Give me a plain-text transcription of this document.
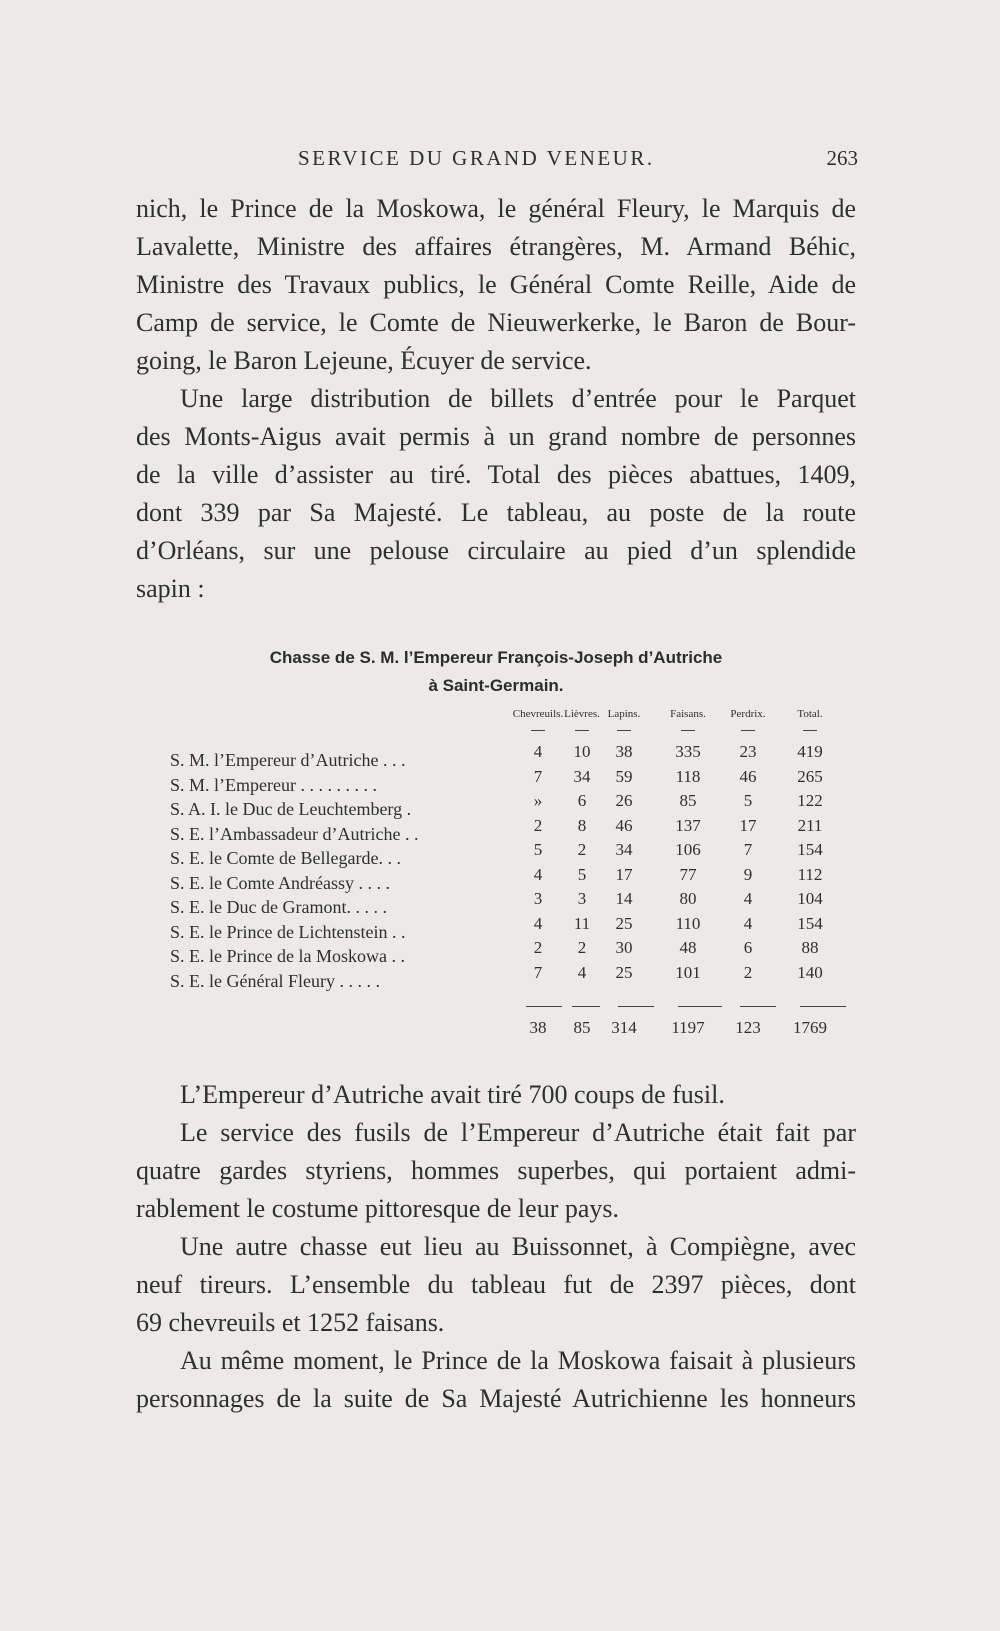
SERVICE DU GRAND VENEUR.	263
nich, le Prince de la Moskowa, le général Fleury, le Marquis de
Lavalette, Ministre des affaires étrangères, M. Armand Béhic,
Ministre des Travaux publics, le Général Comte Reille, Aide de
Camp de service, le Comte de Nieuwerkerke, le Baron de Bour-
going, le Baron Lejeune, Écuyer de service.
Une large distribution de billets d’entrée pour le Parquet
des Monts-Aigus avait permis à un grand nombre de personnes
de la ville d’assister au tiré. Total des pièces abattues, 1409,
dont 339 par Sa Majesté. Le tableau, au poste de la route
d’Orléans, sur une pelouse circulaire au pied d’un splendide
sapin :
Chasse de S. M. l’Empereur François-Joseph d’Autriche
à Saint-Germain.
Chevreuils. Lièvres. Lapins.	Faisans.	Perdrix.	Total.
S. M. l’Empereur d’Autriche . . .	4	10	38	335	23	419
S. M. l’Empereur . . . . . . . . .	7	34	59	118	46	265
S. A. I. le Duc de Leuchtemberg .	»	6	26	85	5	122
S. E. l’Ambassadeur d’Autriche . .	2	8	46	137	17	211
S. E. le Comte de Bellegarde. . .	5	2	34	106	7	154
S. E. le Comte Andréassy . . . .	4	5	17	77	9	112
S. E. le Duc de Gramont. . . . .	3	3	14	80	4	104
S. E. le Prince de Lichtenstein . .	4	11	25	110	4	154
S. E. le Prince de la Moskowa . .	2	2	30	48	6	88
S. E. le Général Fleury . . . . .	7	4	25	101	2	140
38	85	314	1197	123	1769
L’Empereur d’Autriche avait tiré 700 coups de fusil.
Le service des fusils de l’Empereur d’Autriche était fait par
quatre gardes styriens, hommes superbes, qui portaient admi-
rablement le costume pittoresque de leur pays.
Une autre chasse eut lieu au Buissonnet, à Compiègne, avec
neuf tireurs. L’ensemble du tableau fut de 2397 pièces, dont
69 chevreuils et 1252 faisans.
Au même moment, le Prince de la Moskowa faisait à plusieurs
personnages de la suite de Sa Majesté Autrichienne les honneurs
